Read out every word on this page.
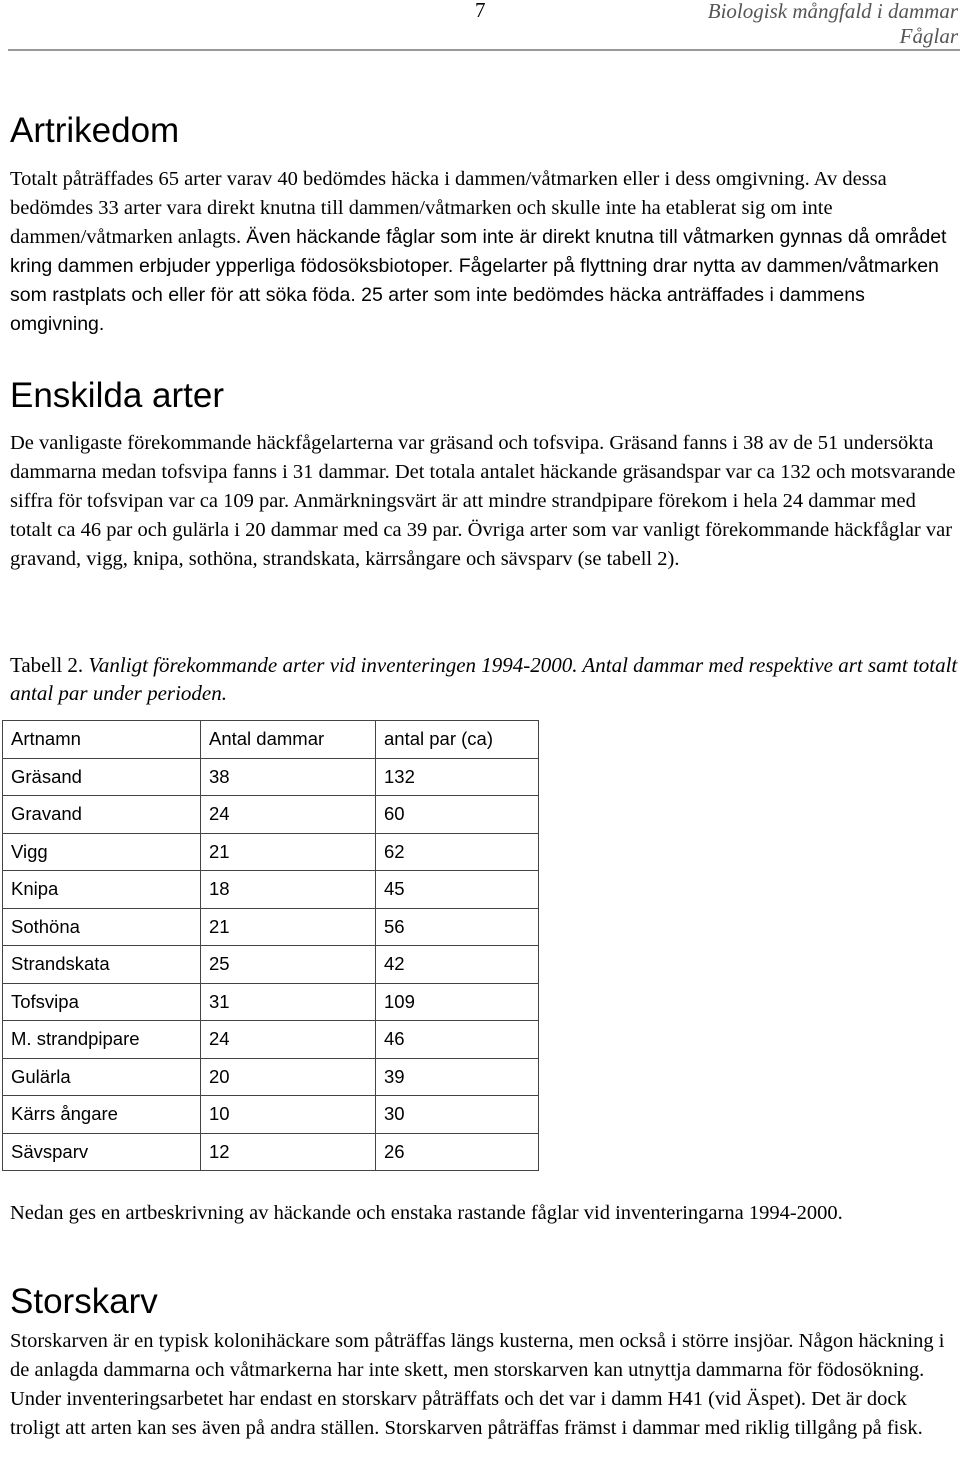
7	Biologisk mångfald i dammar
Fåglar
Artrikedom

Totalt påträffades 65 arter varav 40 bedömdes häcka i dammen/våtmarken eller i dess omgivning. Av dessa bedömdes 33 arter vara direkt knutna till dammen/våtmarken och skulle inte ha etablerat sig om inte dammen/våtmarken anlagts. Även häckande fåglar som inte är direkt knutna till våtmarken gynnas då området kring dammen erbjuder ypperliga födosöksbiotoper. Fågelarter på flyttning drar nytta av dammen/våtmarken som rastplats och eller för att söka föda. 25 arter som inte bedömdes häcka anträffades i dammens omgivning.

Enskilda arter

De vanligaste förekommande häckfågelarterna var gräsand och tofsvipa. Gräsand fanns i 38 av de 51 undersökta dammarna medan tofsvipa fanns i 31 dammar. Det totala antalet häckande gräsandspar var ca 132 och motsvarande siffra för tofsvipan var ca 109 par. Anmärkningsvärt är att mindre strandpipare förekom i hela 24 dammar med totalt ca 46 par och gulärla i 20 dammar med ca 39 par. Övriga arter som var vanligt förekommande häckfåglar var gravand, vigg, knipa, sothöna, strandskata, kärrsångare och sävsparv (se tabell 2).

Tabell 2. Vanligt förekommande arter vid inventeringen 1994-2000. Antal dammar med respektive art samt totalt antal par under perioden.

Artnamn	Antal dammar	antal par (ca)
Gräsand	38	132
Gravand	24	60
Vigg	21	62
Knipa	18	45
Sothöna	21	56
Strandskata	25	42
Tofsvipa	31	109
M. strandpipare	24	46
Gulärla	20	39
Kärrs ångare	10	30
Sävsparv	12	26

Nedan ges en artbeskrivning av häckande och enstaka rastande fåglar vid inventeringarna 1994-2000.

Storskarv

Storskarven är en typisk kolonihäckare som påträffas längs kusterna, men också i större insjöar. Någon häckning i de anlagda dammarna och våtmarkerna har inte skett, men storskarven kan utnyttja dammarna för födosökning. Under inventeringsarbetet har endast en storskarv påträffats och det var i damm H41 (vid Äspet). Det är dock troligt att arten kan ses även på andra ställen. Storskarven påträffas främst i dammar med riklig tillgång på fisk.
